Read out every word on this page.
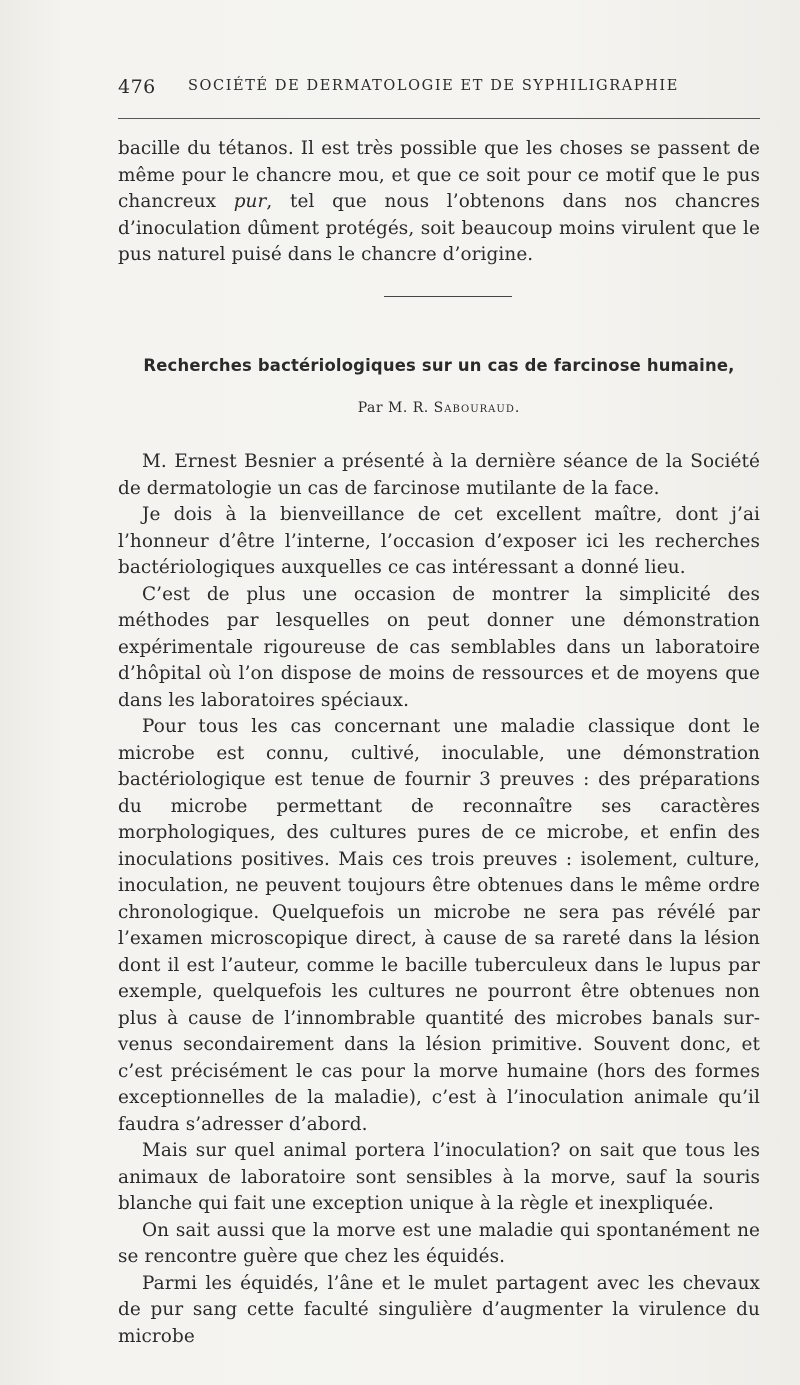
476 SOCIÉTÉ DE DERMATOLOGIE ET DE SYPHILIGRAPHIE

bacille du tétanos. Il est très possible que les choses se passent de même pour le chancre mou, et que ce soit pour ce motif que le pus chancreux pur, tel que nous l’obtenons dans nos chancres d’inoculation dûment protégés, soit beaucoup moins virulent que le pus naturel puisé dans le chancre d’origine.

Recherches bactériologiques sur un cas de farcinose humaine,
Par M. R. Sabouraud.

M. Ernest Besnier a présenté à la dernière séance de la Société de dermatologie un cas de farcinose mutilante de la face.

Je dois à la bienveillance de cet excellent maître, dont j’ai l’honneur d’être l’interne, l’occasion d’exposer ici les recherches bactériologiques auxquelles ce cas intéressant a donné lieu.

C’est de plus une occasion de montrer la simplicité des méthodes par lesquelles on peut donner une démonstration expérimentale rigoureuse de cas semblables dans un laboratoire d’hôpital où l’on dispose de moins de ressources et de moyens que dans les laboratoires spéciaux.

Pour tous les cas concernant une maladie classique dont le microbe est connu, cultivé, inoculable, une démonstration bactériologique est tenue de fournir 3 preuves : des préparations du microbe permettant de reconnaître ses caractères morphologiques, des cultures pures de ce microbe, et enfin des inoculations positives. Mais ces trois preuves : isolement, culture, inoculation, ne peuvent toujours être obtenues dans le même ordre chronologique. Quelquefois un microbe ne sera pas révélé par l’examen microscopique direct, à cause de sa rareté dans la lésion dont il est l’auteur, comme le bacille tuberculeux dans le lupus par exemple, quelquefois les cultures ne pourront être obtenues non plus à cause de l’innombrable quantité des microbes banals survenus secondairement dans la lésion primitive. Souvent donc, et c’est précisément le cas pour la morve humaine (hors des formes exceptionnelles de la maladie), c’est à l’inoculation animale qu’il faudra s’adresser d’abord.

Mais sur quel animal portera l’inoculation? on sait que tous les animaux de laboratoire sont sensibles à la morve, sauf la souris blanche qui fait une exception unique à la règle et inexpliquée.

On sait aussi que la morve est une maladie qui spontanément ne se rencontre guère que chez les équidés.

Parmi les équidés, l’âne et le mulet partagent avec les chevaux de pur sang cette faculté singulière d’augmenter la virulence du microbe
